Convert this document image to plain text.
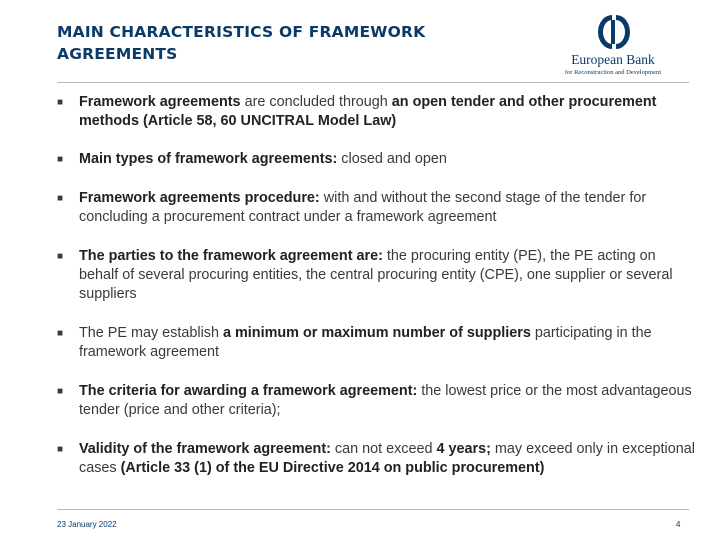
MAIN CHARACTERISTICS OF FRAMEWORK
AGREEMENTS	European Bank
for Reconstruction and Development
■ Framework agreements are concluded through an open tender and other procurement methods (Article 58, 60 UNCITRAL Model Law)
■ Main types of framework agreements: closed and open
■ Framework agreements procedure: with and without the second stage of the tender for concluding a procurement contract under a framework agreement
■ The parties to the framework agreement are: the procuring entity (PE), the PE acting on behalf of several procuring entities, the central procuring entity (CPE), one supplier or several suppliers
■ The PE may establish a minimum or maximum number of suppliers participating in the framework agreement
■ The criteria for awarding a framework agreement: the lowest price or the most advantageous tender (price and other criteria);
■ Validity of the framework agreement: can not exceed 4 years; may exceed only in exceptional cases (Article 33 (1) of the EU Directive 2014 on public procurement)
23 January 2022	4
